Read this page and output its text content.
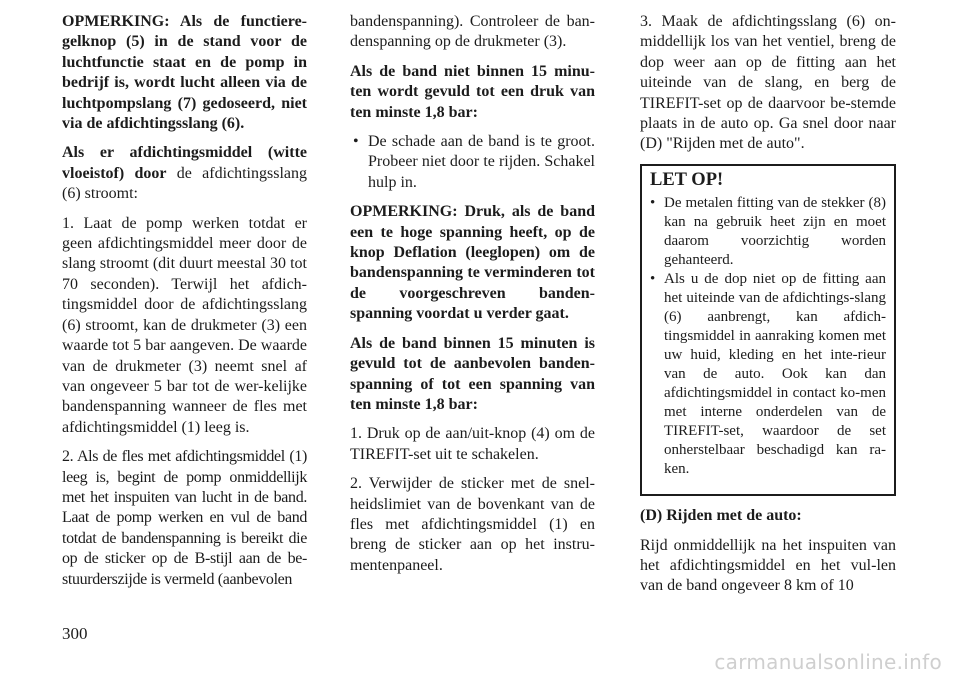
OPMERKING: Als de functiere-gelknop (5) in de stand voor de luchtfunctie staat en de pomp in bedrijf is, wordt lucht alleen via de luchtpompslang (7) gedoseerd, niet via de afdichtingsslang (6).

Als er afdichtingsmiddel (witte vloeistof) door de afdichtingsslang (6) stroomt:

1. Laat de pomp werken totdat er geen afdichtingsmiddel meer door de slang stroomt (dit duurt meestal 30 tot 70 seconden). Terwijl het afdich-tingsmiddel door de afdichtingsslang (6) stroomt, kan de drukmeter (3) een waarde tot 5 bar aangeven. De waarde van de drukmeter (3) neemt snel af van ongeveer 5 bar tot de wer-kelijke bandenspanning wanneer de fles met afdichtingsmiddel (1) leeg is.

2. Als de fles met afdichtingsmiddel (1) leeg is, begint de pomp onmiddellijk met het inspuiten van lucht in de band. Laat de pomp werken en vul de band totdat de bandenspanning is bereikt die op de sticker op de B-stijl aan de be-stuurderszijde is vermeld (aanbevolen

bandenspanning). Controleer de ban-denspanning op de drukmeter (3).

Als de band niet binnen 15 minu-ten wordt gevuld tot een druk van ten minste 1,8 bar:

• De schade aan de band is te groot. Probeer niet door te rijden. Schakel hulp in.

OPMERKING: Druk, als de band een te hoge spanning heeft, op de knop Deflation (leeglopen) om de bandenspanning te verminderen tot de voorgeschreven banden-spanning voordat u verder gaat.

Als de band binnen 15 minuten is gevuld tot de aanbevolen banden-spanning of tot een spanning van ten minste 1,8 bar:

1. Druk op de aan/uit-knop (4) om de TIREFIT-set uit te schakelen.

2. Verwijder de sticker met de snel-heidslimiet van de bovenkant van de fles met afdichtingsmiddel (1) en breng de sticker aan op het instru-mentenpaneel.

3. Maak de afdichtingsslang (6) on-middellijk los van het ventiel, breng de dop weer aan op de fitting aan het uiteinde van de slang, en berg de TIREFIT-set op de daarvoor be-stemde plaats in de auto op. Ga snel door naar (D) "Rijden met de auto".

LET OP!
• De metalen fitting van de stekker (8) kan na gebruik heet zijn en moet daarom voorzichtig worden gehanteerd.
• Als u de dop niet op de fitting aan het uiteinde van de afdichtings-slang (6) aanbrengt, kan afdich-tingsmiddel in aanraking komen met uw huid, kleding en het inte-rieur van de auto. Ook kan dan afdichtingsmiddel in contact ko-men met interne onderdelen van de TIREFIT-set, waardoor de set onherstelbaar beschadigd kan ra-ken.

(D) Rijden met de auto:

Rijd onmiddellijk na het inspuiten van het afdichtingsmiddel en het vul-len van de band ongeveer 8 km of 10

300
carmanualsonline.info
